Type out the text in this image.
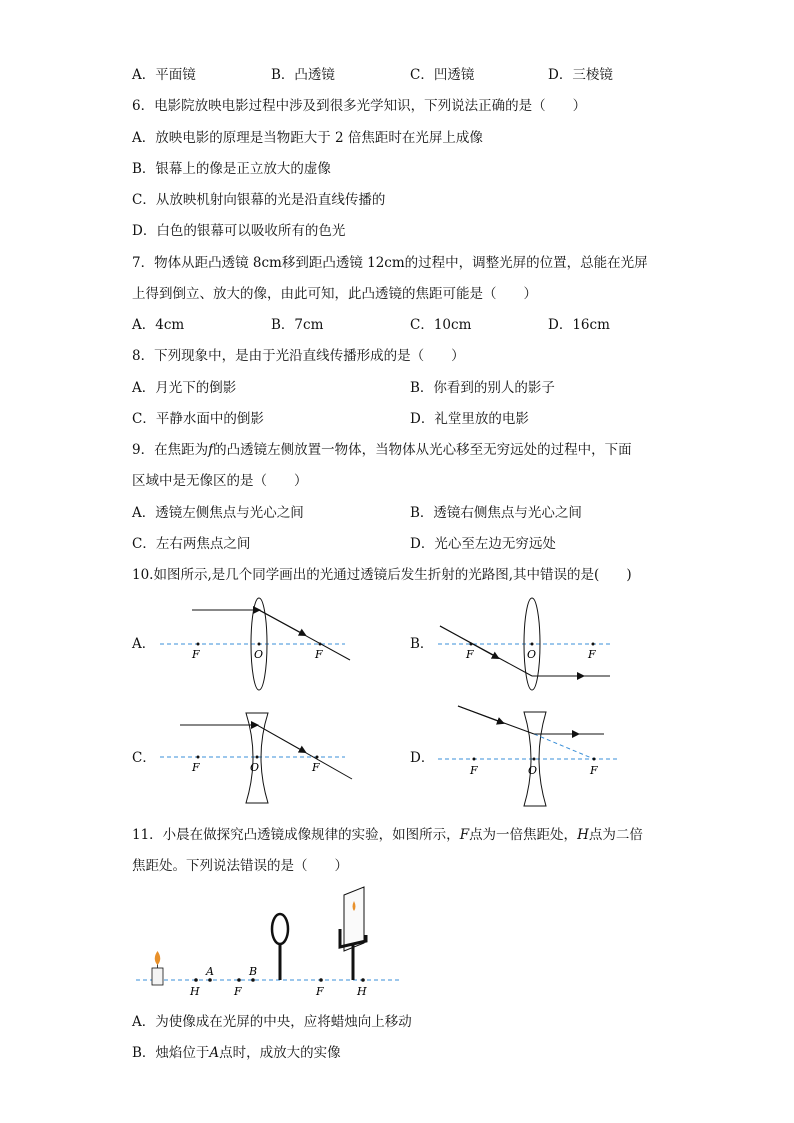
A．平面镜	B．凸透镜	C．凹透镜	D．三棱镜
6．电影院放映电影过程中涉及到很多光学知识，下列说法正确的是（　　）
A．放映电影的原理是当物距大于 2 倍焦距时在光屏上成像
B．银幕上的像是正立放大的虚像
C．从放映机射向银幕的光是沿直线传播的
D．白色的银幕可以吸收所有的色光
7．物体从距凸透镜 8cm移到距凸透镜 12cm的过程中，调整光屏的位置，总能在光屏
上得到倒立、放大的像，由此可知，此凸透镜的焦距可能是（　　）
A．4cm	B．7cm	C．10cm	D．16cm
8．下列现象中，是由于光沿直线传播形成的是（　　）
A．月光下的倒影	B．你看到的别人的影子
C．平静水面中的倒影	D．礼堂里放的电影
9．在焦距为f的凸透镜左侧放置一物体，当物体从光心移至无穷远处的过程中，下面
区域中是无像区的是（　　）
A．透镜左侧焦点与光心之间	B．透镜右侧焦点与光心之间
C．左右两焦点之间	D．光心至左边无穷远处
10.如图所示,是几个同学画出的光通过透镜后发生折射的光路图,其中错误的是(　　)
A．
F	O	F
B．
F	O	F
C．
F	O	F
D．
F	O	F
11．小晨在做探究凸透镜成像规律的实验，如图所示，F点为一倍焦距处，H点为二倍
焦距处。下列说法错误的是（　　）
A	B
H	F	F	H
A．为使像成在光屏的中央，应将蜡烛向上移动
B．烛焰位于A点时，成放大的实像
